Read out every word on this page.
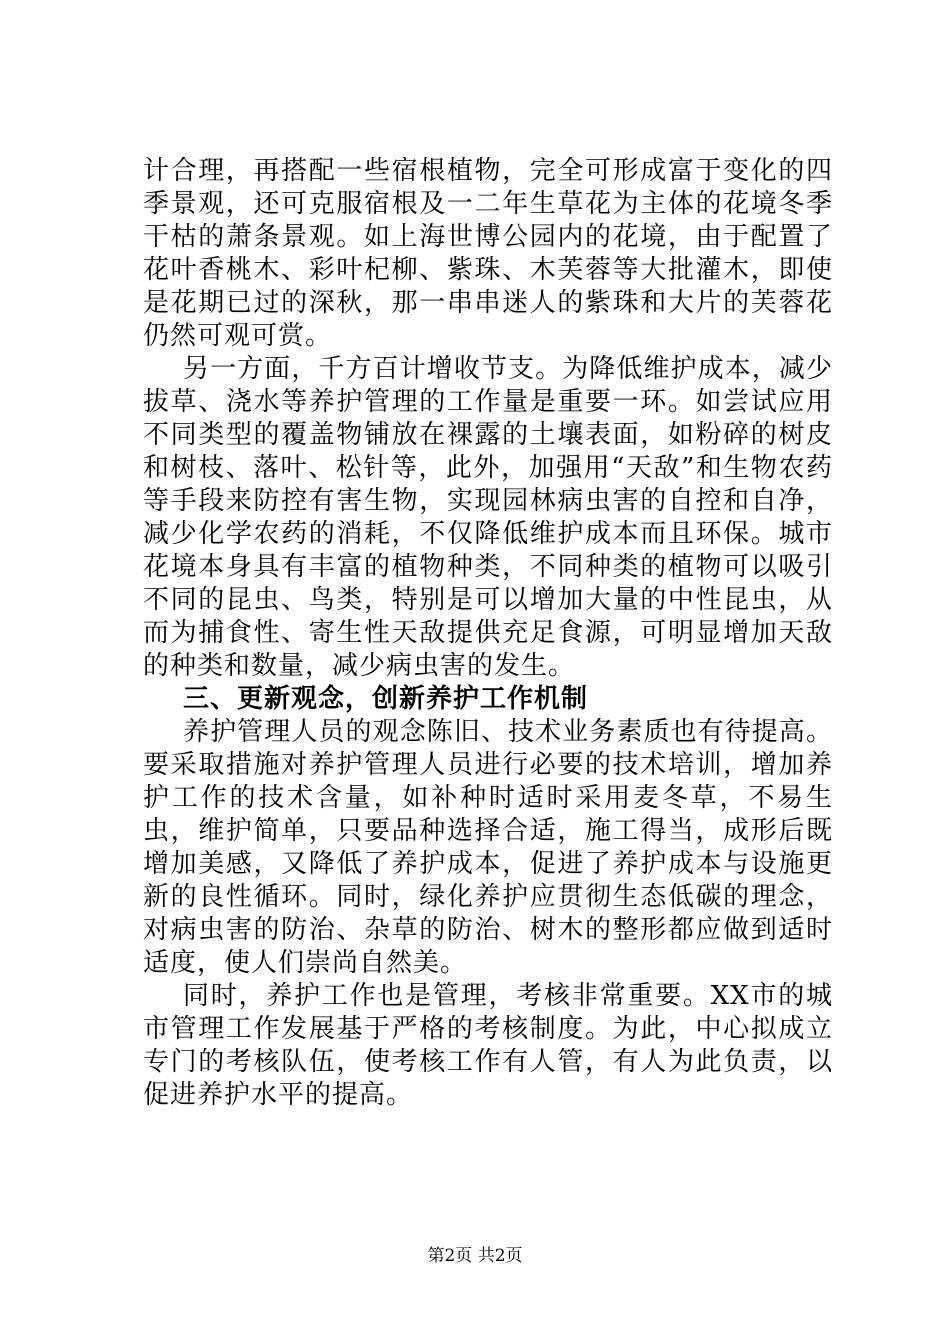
计合理，再搭配一些宿根植物，完全可形成富于变化的四季景观，还可克服宿根及一二年生草花为主体的花境冬季干枯的萧条景观。如上海世博公园内的花境，由于配置了花叶香桃木、彩叶杞柳、紫珠、木芙蓉等大批灌木，即使是花期已过的深秋，那一串串迷人的紫珠和大片的芙蓉花仍然可观可赏。

另一方面，千方百计增收节支。为降低维护成本，减少拔草、浇水等养护管理的工作量是重要一环。如尝试应用不同类型的覆盖物铺放在裸露的土壤表面，如粉碎的树皮和树枝、落叶、松针等，此外，加强用“天敌”和生物农药等手段来防控有害生物，实现园林病虫害的自控和自净，减少化学农药的消耗，不仅降低维护成本而且环保。城市花境本身具有丰富的植物种类，不同种类的植物可以吸引不同的昆虫、鸟类，特别是可以增加大量的中性昆虫，从而为捕食性、寄生性天敌提供充足食源，可明显增加天敌的种类和数量，减少病虫害的发生。

三、更新观念，创新养护工作机制

养护管理人员的观念陈旧、技术业务素质也有待提高。要采取措施对养护管理人员进行必要的技术培训，增加养护工作的技术含量，如补种时适时采用麦冬草，不易生虫，维护简单，只要品种选择合适，施工得当，成形后既增加美感，又降低了养护成本，促进了养护成本与设施更新的良性循环。同时，绿化养护应贯彻生态低碳的理念，对病虫害的防治、杂草的防治、树木的整形都应做到适时适度，使人们崇尚自然美。

同时，养护工作也是管理，考核非常重要。XX市的城市管理工作发展基于严格的考核制度。为此，中心拟成立专门的考核队伍，使考核工作有人管，有人为此负责，以促进养护水平的提高。

第2页 共2页
